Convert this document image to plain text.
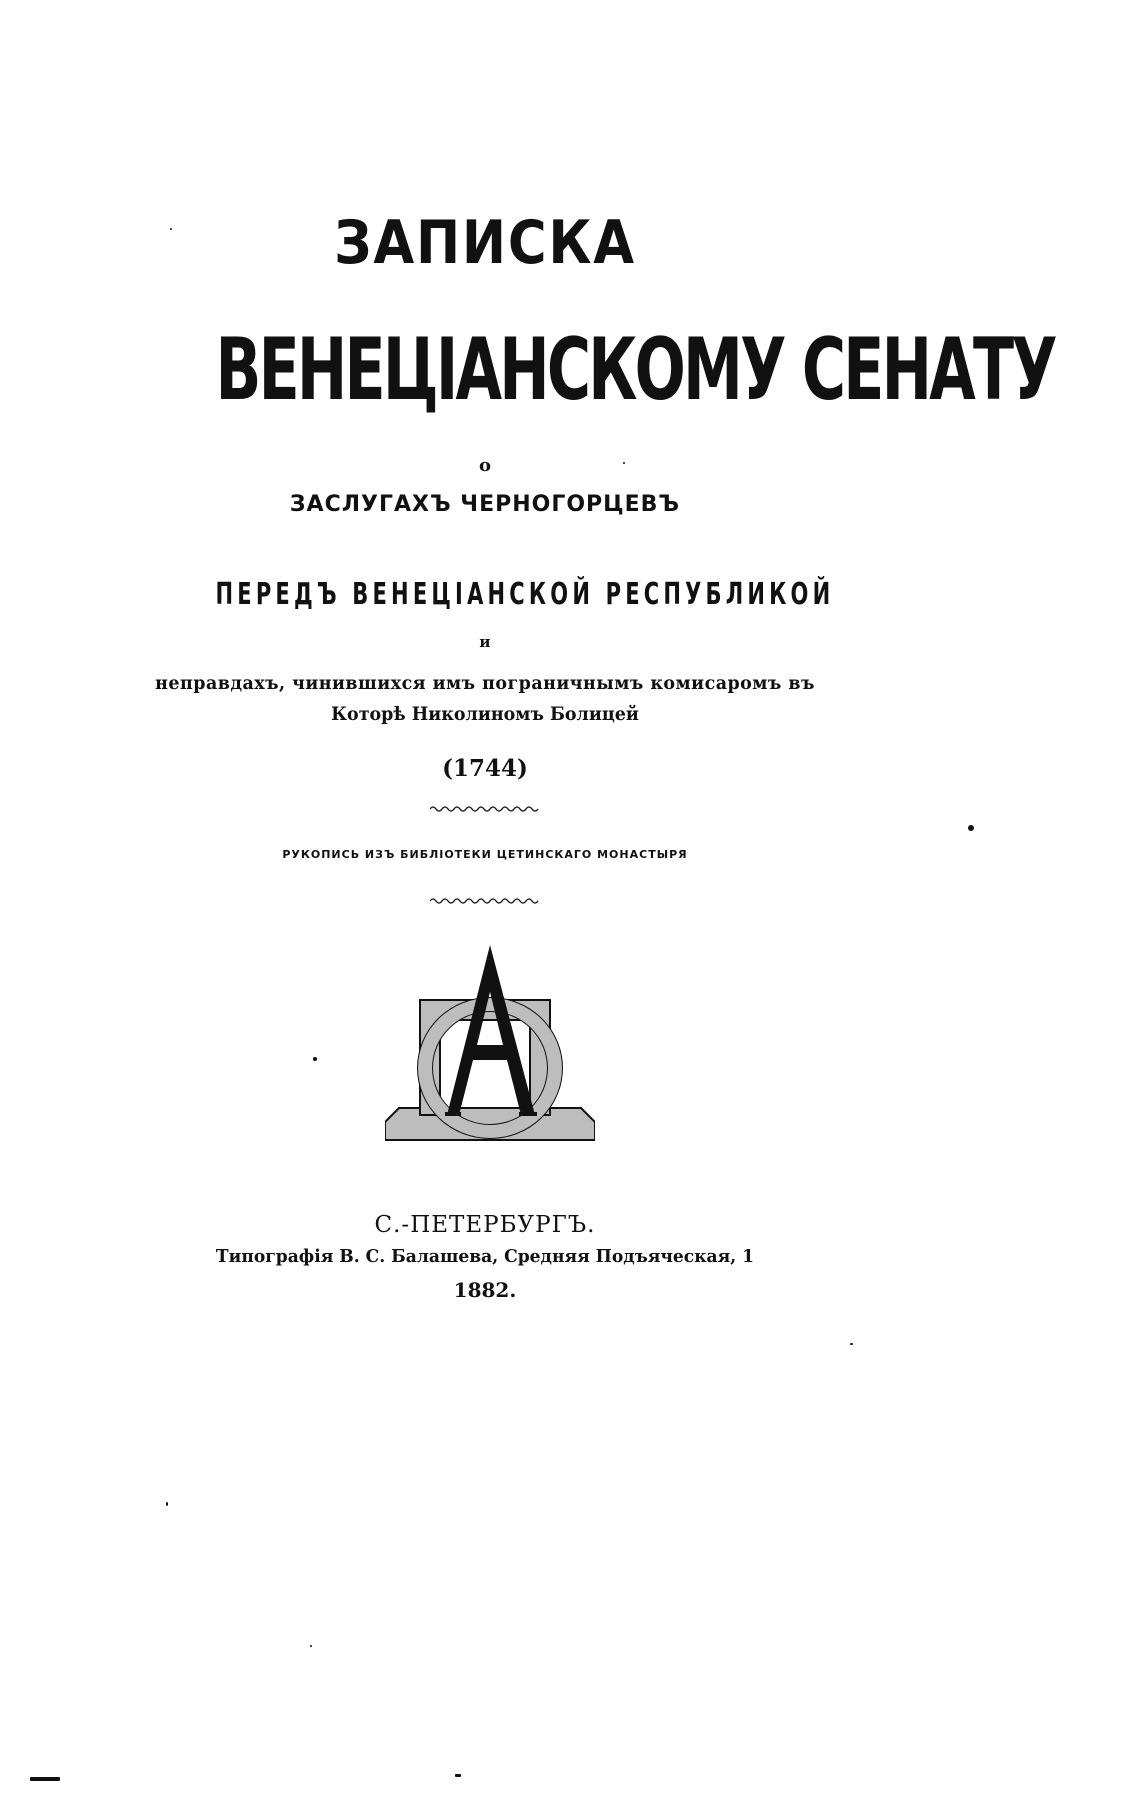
ЗАПИСКА
ВЕНЕЦІАНСКОМУ СЕНАТУ
о
ЗАСЛУГАХЪ ЧЕРНОГОРЦЕВЪ
ПЕРЕДЪ ВЕНЕЦІАНСКОЙ РЕСПУБЛИКОЙ
и
неправдахъ, чинившихся имъ пограничнымъ комисаромъ въ
Которѣ Николиномъ Болицей
(1744)
РУКОПИСЬ ИЗЪ БИБЛІОТЕКИ ЦЕТИНСКАГО МОНАСТЫРЯ
С.-ПЕТЕРБУРГЪ.
Типографія В. С. Балашева, Средняя Подъяческая, 1
1882.
